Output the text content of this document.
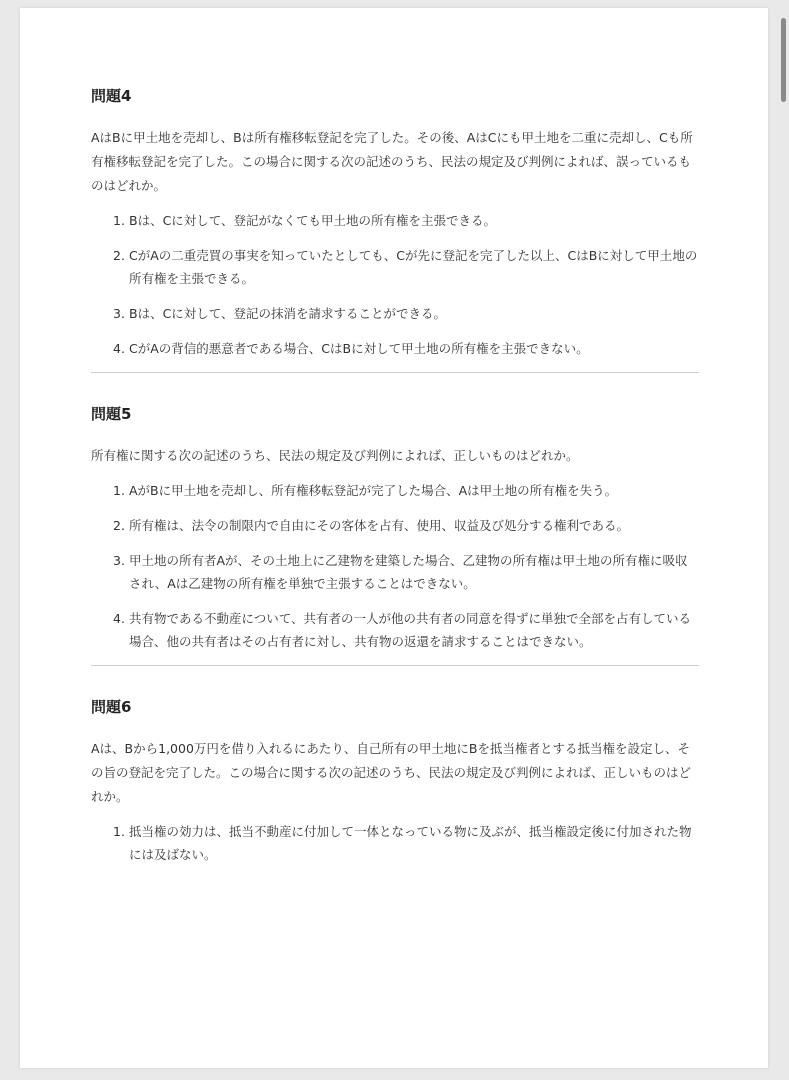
問題4

AはBに甲土地を売却し、Bは所有権移転登記を完了した。その後、AはCにも甲土地を二重に売却し、Cも所有権移転登記を完了した。この場合に関する次の記述のうち、民法の規定及び判例によれば、誤っているものはどれか。

1. Bは、Cに対して、登記がなくても甲土地の所有権を主張できる。
2. CがAの二重売買の事実を知っていたとしても、Cが先に登記を完了した以上、CはBに対して甲土地の所有権を主張できる。
3. Bは、Cに対して、登記の抹消を請求することができる。
4. CがAの背信的悪意者である場合、CはBに対して甲土地の所有権を主張できない。
問題5

所有権に関する次の記述のうち、民法の規定及び判例によれば、正しいものはどれか。

1. AがBに甲土地を売却し、所有権移転登記が完了した場合、Aは甲土地の所有権を失う。
2. 所有権は、法令の制限内で自由にその客体を占有、使用、収益及び処分する権利である。
3. 甲土地の所有者Aが、その土地上に乙建物を建築した場合、乙建物の所有権は甲土地の所有権に吸収され、Aは乙建物の所有権を単独で主張することはできない。
4. 共有物である不動産について、共有者の一人が他の共有者の同意を得ずに単独で全部を占有している場合、他の共有者はその占有者に対し、共有物の返還を請求することはできない。
問題6

Aは、Bから1,000万円を借り入れるにあたり、自己所有の甲土地にBを抵当権者とする抵当権を設定し、その旨の登記を完了した。この場合に関する次の記述のうち、民法の規定及び判例によれば、正しいものはどれか。

1. 抵当権の効力は、抵当不動産に付加して一体となっている物に及ぶが、抵当権設定後に付加された物には及ばない。
